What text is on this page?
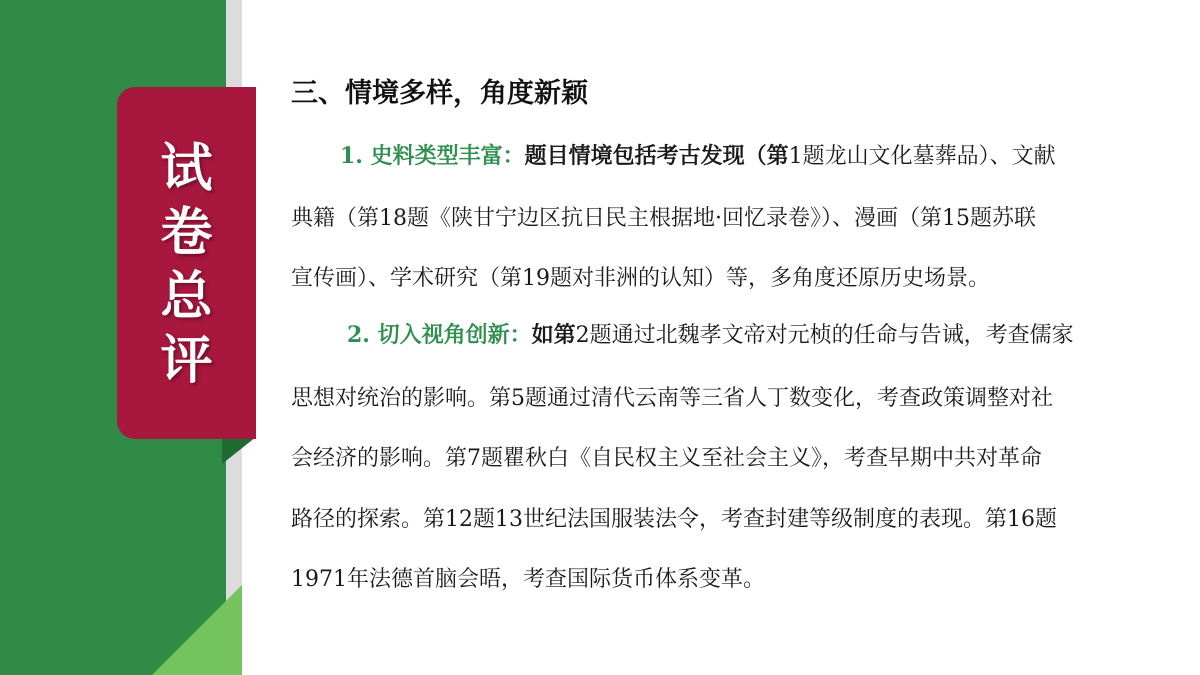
试
卷
总
评
三、情境多样，角度新颖
1. 史料类型丰富：题目情境包括考古发现（第1题龙山文化墓葬品）、文献
典籍（第18题《陕甘宁边区抗日民主根据地·回忆录卷》）、漫画（第15题苏联
宣传画）、学术研究（第19题对非洲的认知）等，多角度还原历史场景。
2. 切入视角创新：如第2题通过北魏孝文帝对元桢的任命与告诫，考查儒家
思想对统治的影响。第5题通过清代云南等三省人丁数变化，考查政策调整对社
会经济的影响。第7题瞿秋白《自民权主义至社会主义》，考查早期中共对革命
路径的探索。第12题13世纪法国服装法令，考查封建等级制度的表现。第16题
1971年法德首脑会晤，考查国际货币体系变革。
